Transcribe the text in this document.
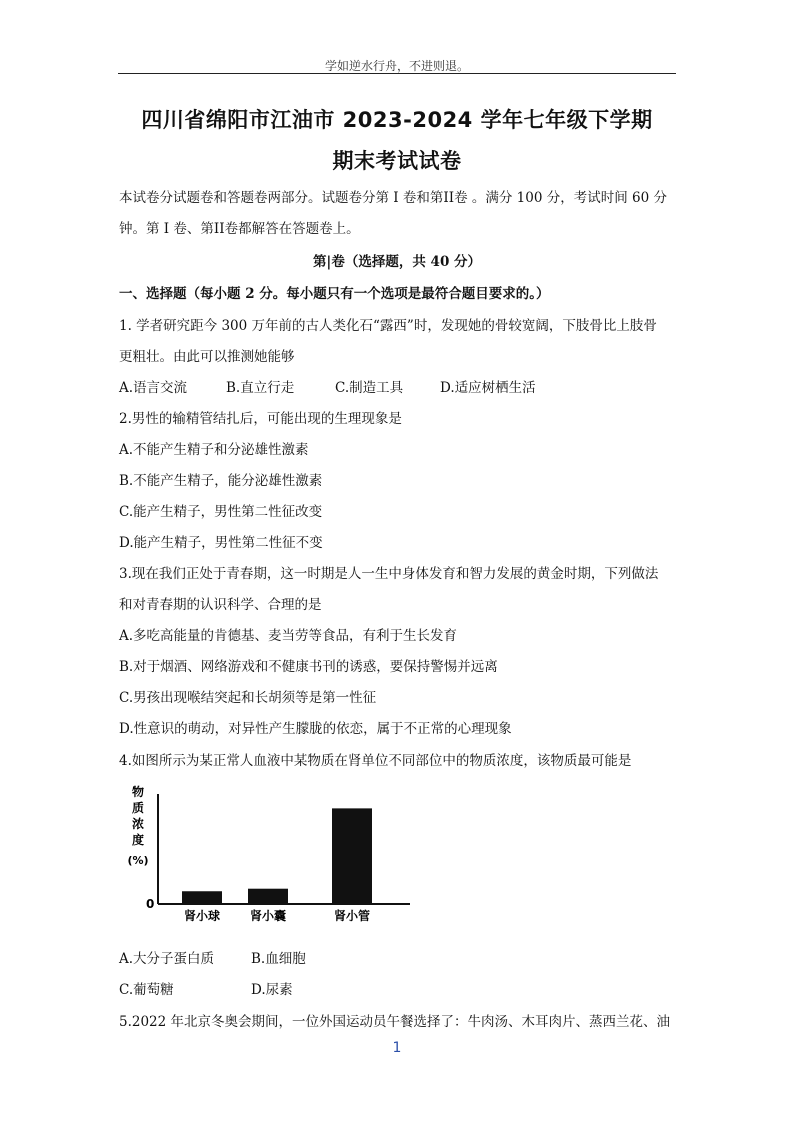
学如逆水行舟，不进则退。
四川省绵阳市江油市 2023-2024 学年七年级下学期
期末考试试卷
本试卷分试题卷和答题卷两部分。试题卷分第 I 卷和第II卷 。满分 100 分，考试时间 60 分
钟。第 I 卷、第II卷都解答在答题卷上。
第|卷（选择题，共 40 分）
一、选择题（每小题 2 分。每小题只有一个选项是最符合题目要求的。）
1. 学者研究距今 300 万年前的古人类化石“露西”时，发现她的骨较宽阔，下肢骨比上肢骨
更粗壮。由此可以推测她能够
A.语言交流	B.直立行走	C.制造工具	D.适应树栖生活
2.男性的输精管结扎后，可能出现的生理现象是
A.不能产生精子和分泌雄性激素
B.不能产生精子，能分泌雄性激素
C.能产生精子，男性第二性征改变
D.能产生精子，男性第二性征不变
3.现在我们正处于青春期，这一时期是人一生中身体发育和智力发展的黄金时期，下列做法
和对青春期的认识科学、合理的是
A.多吃高能量的肯德基、麦当劳等食品，有利于生长发育
B.对于烟酒、网络游戏和不健康书刊的诱惑，要保持警惕并远离
C.男孩出现喉结突起和长胡须等是第一性征
D.性意识的萌动，对异性产生朦胧的依恋，属于不正常的心理现象
4.如图所示为某正常人血液中某物质在肾单位不同部位中的物质浓度，该物质最可能是
物
质
浓
度
(%)
0
肾小球 肾小囊	肾小管
A.大分子蛋白质	B.血细胞
C.葡萄糖	D.尿素
5.2022 年北京冬奥会期间，一位外国运动员午餐选择了：牛肉汤、木耳肉片、蒸西兰花、油
1
